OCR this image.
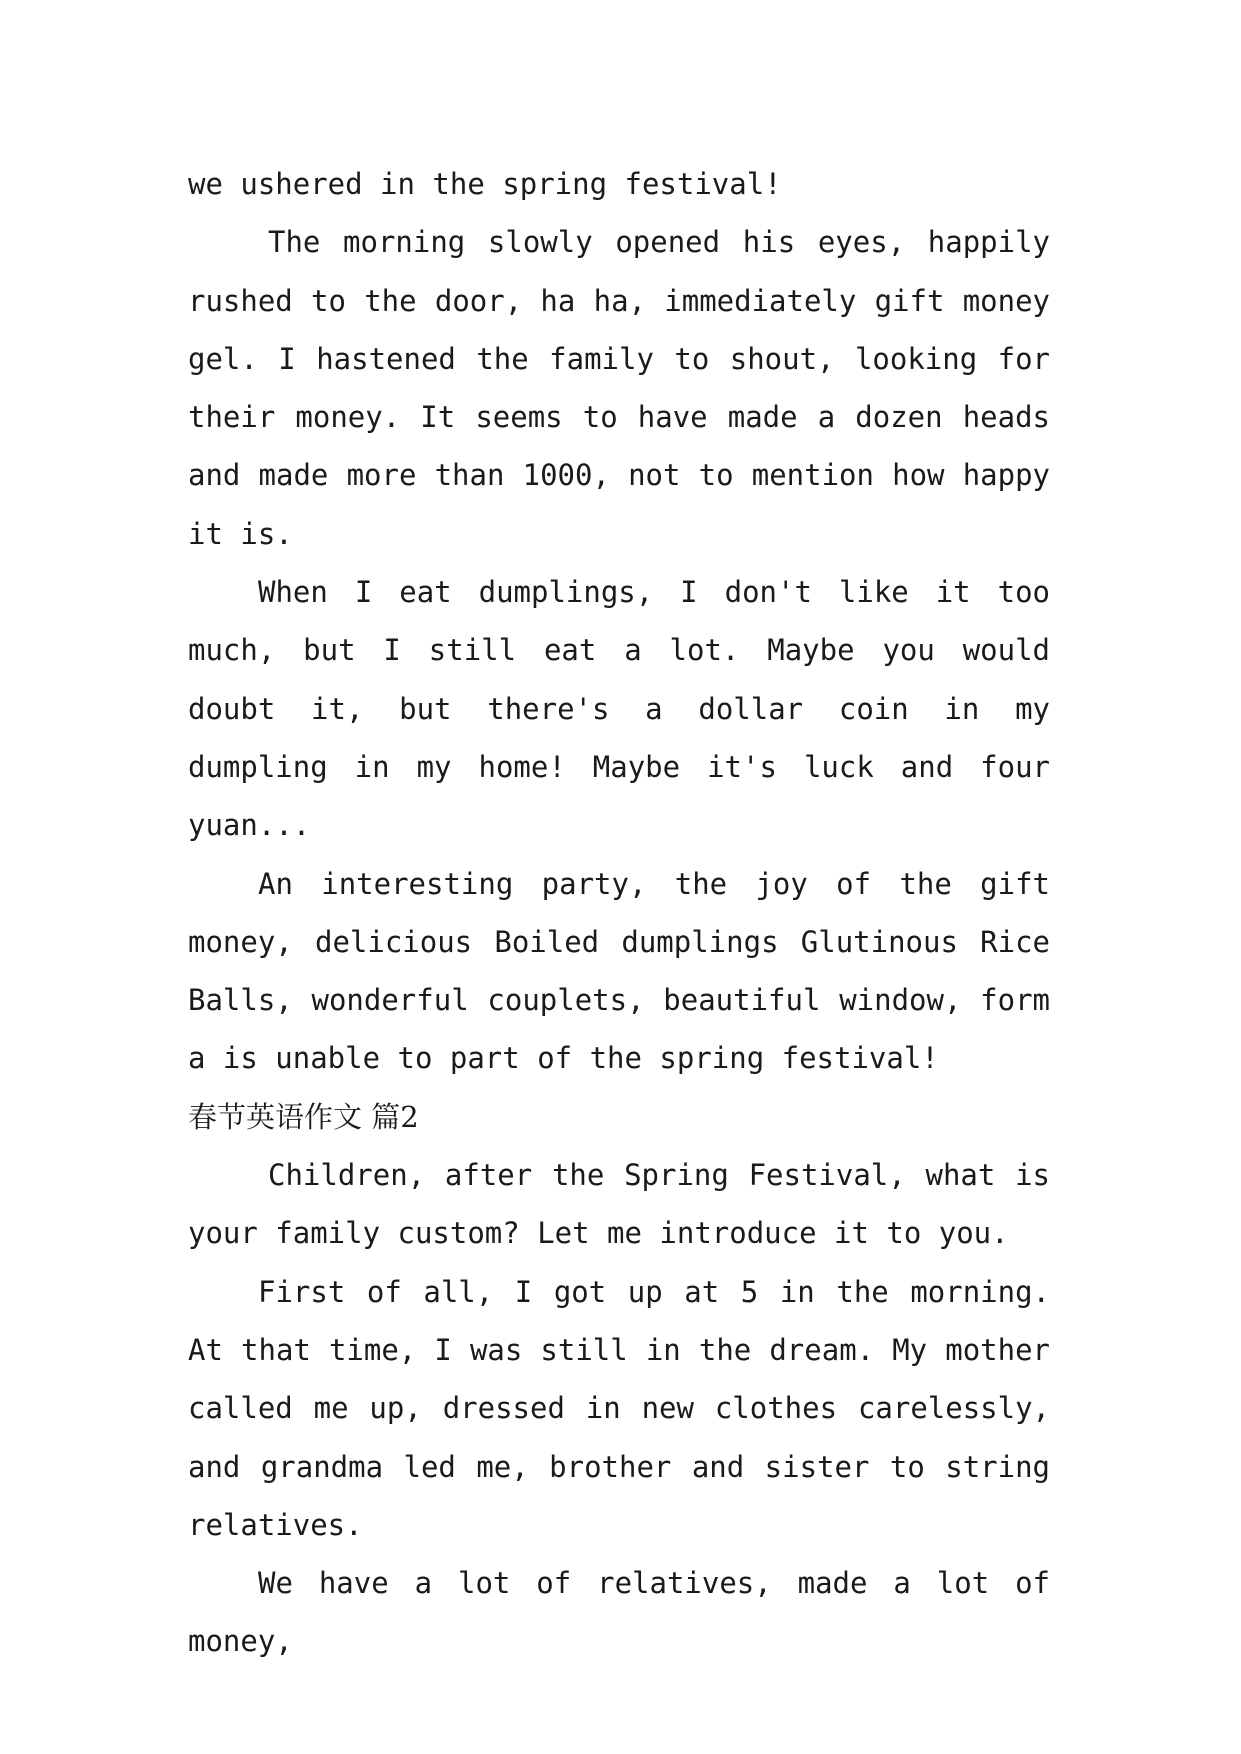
we ushered in the spring festival!

The morning slowly opened his eyes, happily rushed to the door, ha ha, immediately gift money gel. I hastened the family to shout, looking for their money. It seems to have made a dozen heads and made more than 1000, not to mention how happy it is.

When I eat dumplings, I don't like it too much, but I still eat a lot. Maybe you would doubt it, but there's a dollar coin in my dumpling in my home! Maybe it's luck and four yuan...

An interesting party, the joy of the gift money, delicious Boiled dumplings Glutinous Rice Balls, wonderful couplets, beautiful window, form a is unable to part of the spring festival!

春节英语作文 篇2

Children, after the Spring Festival, what is your family custom? Let me introduce it to you.

First of all, I got up at 5 in the morning. At that time, I was still in the dream. My mother called me up, dressed in new clothes carelessly, and grandma led me, brother and sister to string relatives.

We have a lot of relatives, made a lot of money,
